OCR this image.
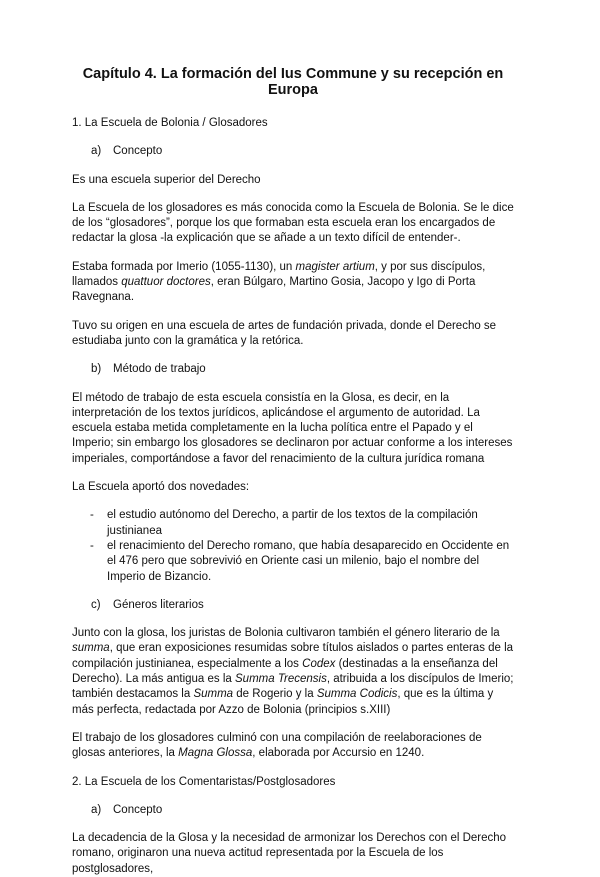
Capítulo 4. La formación del Ius Commune y su recepción en Europa
1. La Escuela de Bolonia / Glosadores
a) Concepto
Es una escuela superior del Derecho
La Escuela de los glosadores es más conocida como la Escuela de Bolonia. Se le dice de los “glosadores”, porque los que formaban esta escuela eran los encargados de redactar la glosa -la explicación que se añade a un texto difícil de entender-.
Estaba formada por Imerio (1055-1130), un magister artium, y por sus discípulos, llamados quattuor doctores, eran Búlgaro, Martino Gosia, Jacopo y Igo di Porta Ravegnana.
Tuvo su origen en una escuela de artes de fundación privada, donde el Derecho se estudiaba junto con la gramática y la retórica.
b) Método de trabajo
El método de trabajo de esta escuela consistía en la Glosa, es decir, en la interpretación de los textos jurídicos, aplicándose el argumento de autoridad. La escuela estaba metida completamente en la lucha política entre el Papado y el Imperio; sin embargo los glosadores se declinaron por actuar conforme a los intereses imperiales, comportándose a favor del renacimiento de la cultura jurídica romana
La Escuela aportó dos novedades:
- el estudio autónomo del Derecho, a partir de los textos de la compilación justinianea
- el renacimiento del Derecho romano, que había desaparecido en Occidente en el 476 pero que sobrevivió en Oriente casi un milenio, bajo el nombre del Imperio de Bizancio.
c) Géneros literarios
Junto con la glosa, los juristas de Bolonia cultivaron también el género literario de la summa, que eran exposiciones resumidas sobre títulos aislados o partes enteras de la compilación justinianea, especialmente a los Codex (destinadas a la enseñanza del Derecho). La más antigua es la Summa Trecensis, atribuida a los discípulos de Imerio; también destacamos la Summa de Rogerio y la Summa Codicis, que es la última y más perfecta, redactada por Azzo de Bolonia (principios s.XIII)
El trabajo de los glosadores culminó con una compilación de reelaboraciones de glosas anteriores, la Magna Glossa, elaborada por Accursio en 1240.
2. La Escuela de los Comentaristas/Postglosadores
a) Concepto
La decadencia de la Glosa y la necesidad de armonizar los Derechos con el Derecho romano, originaron una nueva actitud representada por la Escuela de los postglosadores,
